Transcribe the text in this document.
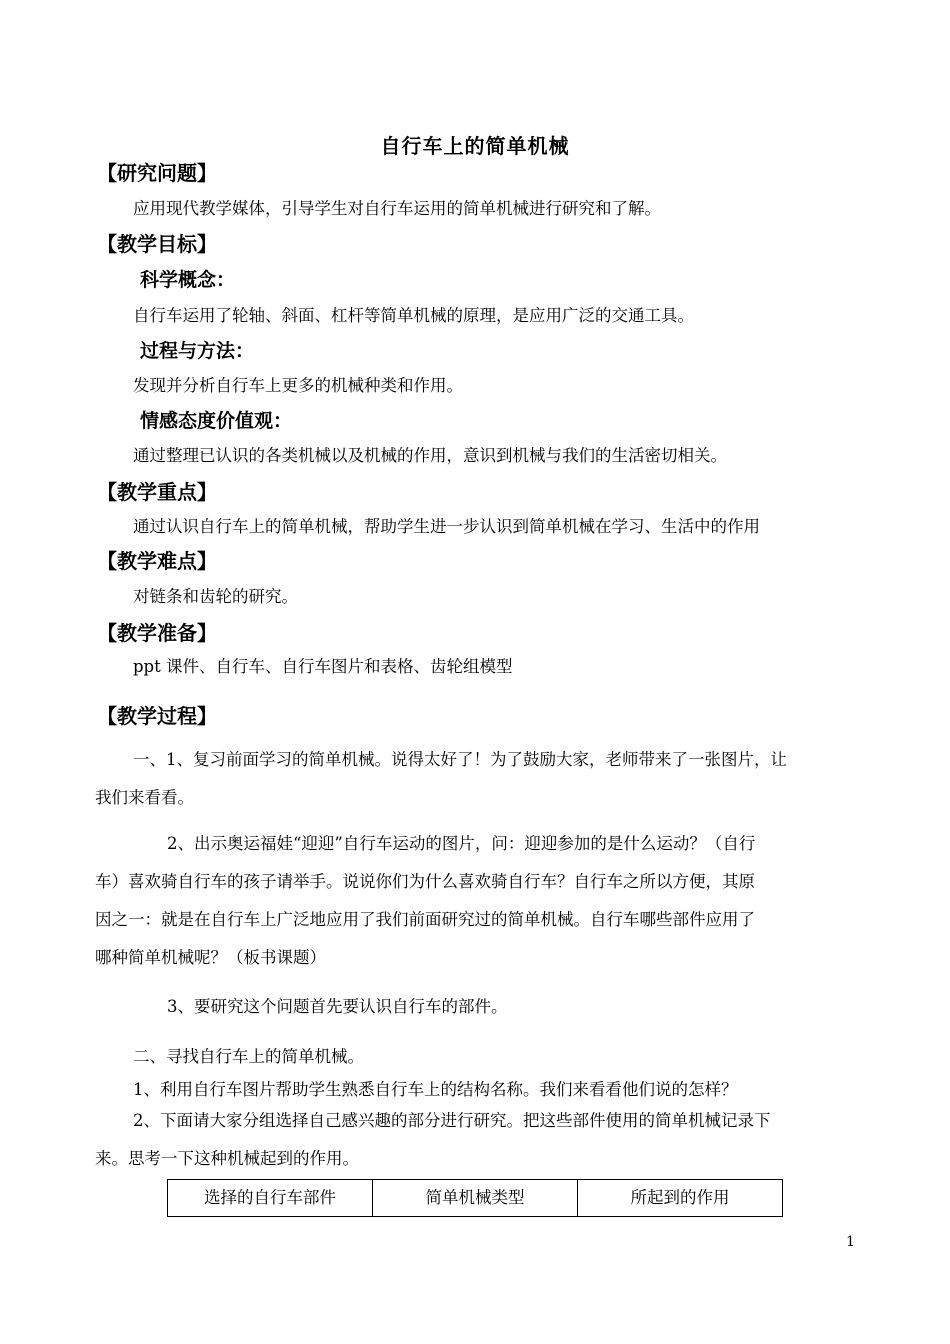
自行车上的简单机械
【研究问题】
应用现代教学媒体，引导学生对自行车运用的简单机械进行研究和了解。
【教学目标】
科学概念：
自行车运用了轮轴、斜面、杠杆等简单机械的原理，是应用广泛的交通工具。
过程与方法：
发现并分析自行车上更多的机械种类和作用。
情感态度价值观：
通过整理已认识的各类机械以及机械的作用，意识到机械与我们的生活密切相关。
【教学重点】
通过认识自行车上的简单机械，帮助学生进一步认识到简单机械在学习、生活中的作用
【教学难点】
对链条和齿轮的研究。
【教学准备】
ppt 课件、自行车、自行车图片和表格、齿轮组模型
【教学过程】
一、1、复习前面学习的简单机械。说得太好了！为了鼓励大家，老师带来了一张图片，让
我们来看看。
2、出示奥运福娃“迎迎”自行车运动的图片，问：迎迎参加的是什么运动？（自行
车）喜欢骑自行车的孩子请举手。说说你们为什么喜欢骑自行车？自行车之所以方便，其原
因之一：就是在自行车上广泛地应用了我们前面研究过的简单机械。自行车哪些部件应用了
哪种简单机械呢？（板书课题）
3、要研究这个问题首先要认识自行车的部件。
二、寻找自行车上的简单机械。
1、利用自行车图片帮助学生熟悉自行车上的结构名称。我们来看看他们说的怎样？
2、下面请大家分组选择自己感兴趣的部分进行研究。把这些部件使用的简单机械记录下
来。思考一下这种机械起到的作用。
选择的自行车部件	简单机械类型	所起到的作用
1
